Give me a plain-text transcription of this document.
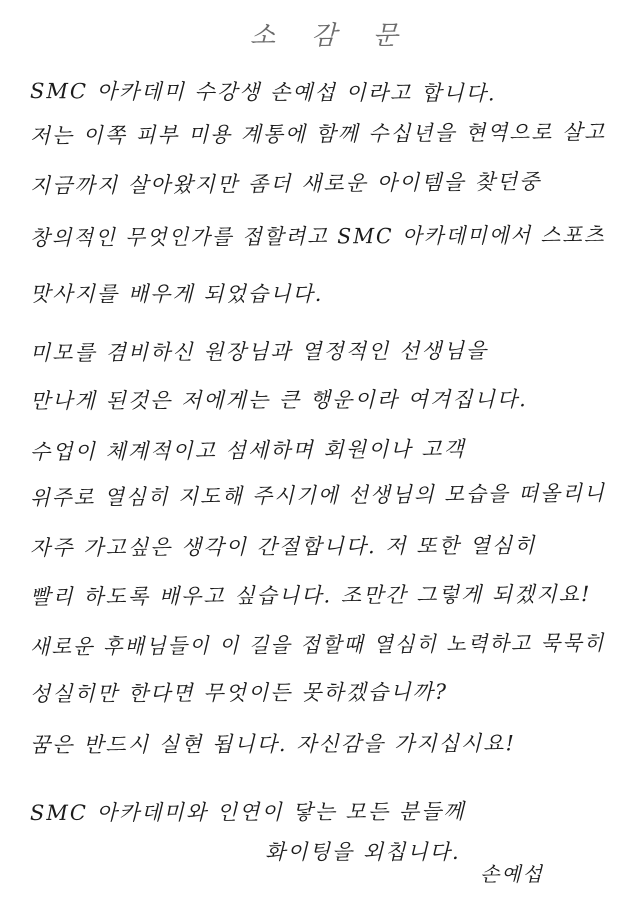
소 감 문

SMC 아카데미 수강생 손예섭 이라고 합니다.

저는 이쪽 피부 미용 계통에 함께 수십년을 현역으로 살고

지금까지 살아왔지만 좀더 새로운 아이템을 찾던중

창의적인 무엇인가를 접할려고 SMC 아카데미에서 스포츠

맛사지를 배우게 되었습니다.

미모를 겸비하신 원장님과 열정적인 선생님을

만나게 된것은 저에게는 큰 행운이라 여겨집니다.

수업이 체계적이고 섬세하며 회원이나 고객

위주로 열심히 지도해 주시기에 선생님의 모습을 떠올리니

자주 가고싶은 생각이 간절합니다. 저 또한 열심히

빨리 하도록 배우고 싶습니다. 조만간 그렇게 되겠지요!

새로운 후배님들이 이 길을 접할때 열심히 노력하고 묵묵히

성실히만 한다면 무엇이든 못하겠습니까?

꿈은 반드시 실현 됩니다. 자신감을 가지십시요!

SMC 아카데미와 인연이 닿는 모든 분들께

화이팅을 외칩니다.

손예섭
